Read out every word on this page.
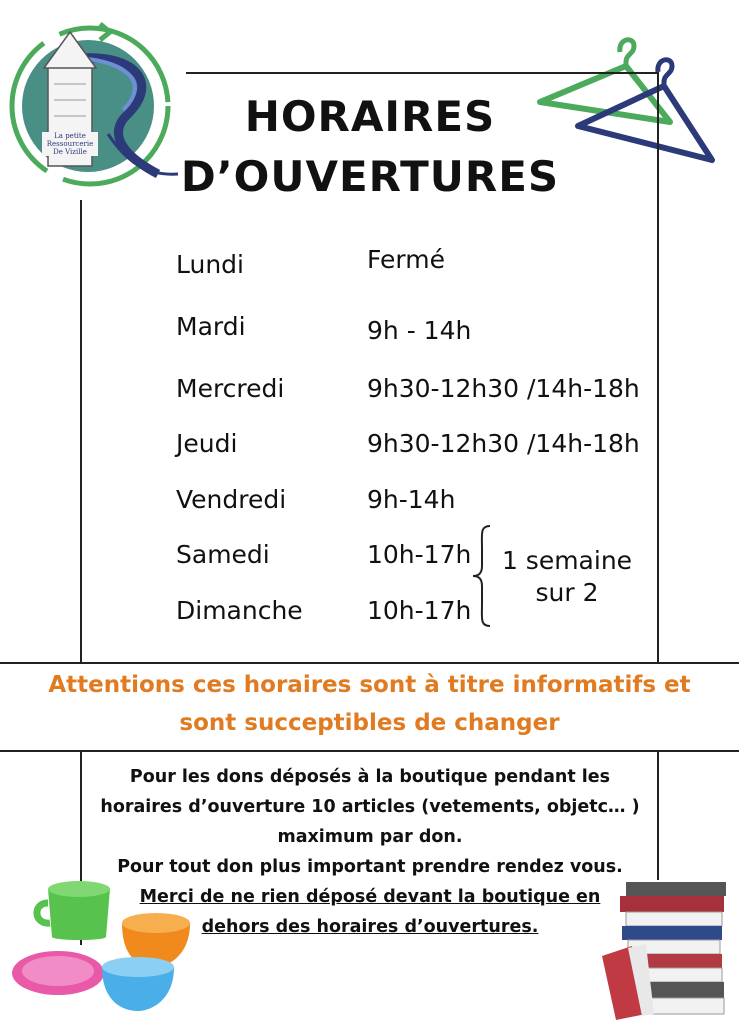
La petite Ressourcerie De Vizille
HORAIRES
D’OUVERTURES
Lundi	Fermé
Mardi	9h - 14h
Mercredi	9h30-12h30 /14h-18h
Jeudi	9h30-12h30 /14h-18h
Vendredi	9h-14h
Samedi	10h-17h
Dimanche	10h-17h
1 semaine
sur 2
Attentions ces horaires sont à titre informatifs et
sont succeptibles de changer
Pour les dons déposés à la boutique pendant les
horaires d’ouverture 10 articles (vetements, objetc… )
maximum par don.
Pour tout don plus important prendre rendez vous.
Merci de ne rien déposé devant la boutique en
dehors des horaires d’ouvertures.
